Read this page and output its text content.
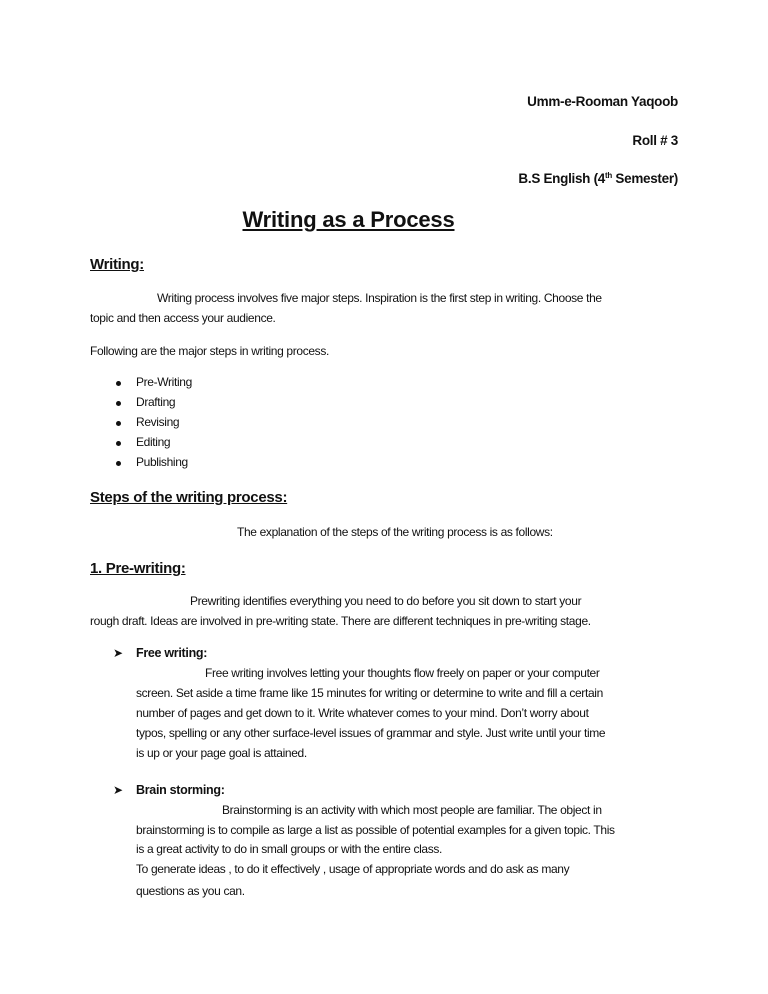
Umm-e-Rooman Yaqoob
Roll # 3
B.S English (4th Semester)
Writing as a Process
Writing:
Writing process involves five major steps. Inspiration is the first step in writing. Choose the
topic and then access your audience.
Following are the major steps in writing process.
Pre-Writing
Drafting
Revising
Editing
Publishing
Steps of the writing process:
The explanation of the steps of the writing process is as follows:
1. Pre-writing:
Prewriting identifies everything you need to do before you sit down to start your
rough draft. Ideas are involved in pre-writing state. There are different techniques in pre-writing stage.
➤ Free writing:
Free writing involves letting your thoughts flow freely on paper or your computer
screen. Set aside a time frame like 15 minutes for writing or determine to write and fill a certain
number of pages and get down to it. Write whatever comes to your mind. Don’t worry about
typos, spelling or any other surface-level issues of grammar and style. Just write until your time
is up or your page goal is attained.
➤ Brain storming:
Brainstorming is an activity with which most people are familiar. The object in
brainstorming is to compile as large a list as possible of potential examples for a given topic. This
is a great activity to do in small groups or with the entire class.
To generate ideas , to do it effectively , usage of appropriate words and do ask as many
questions as you can.
